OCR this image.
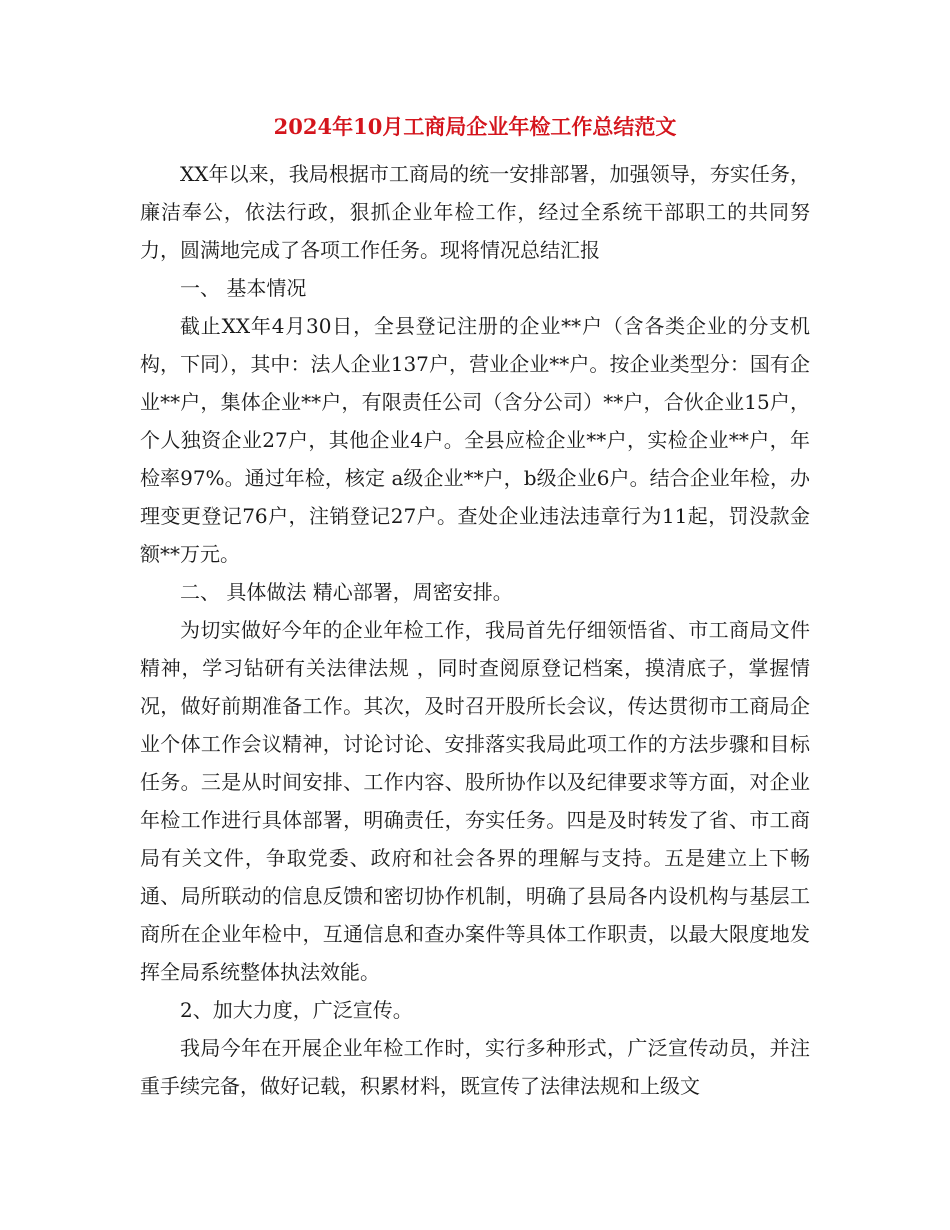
2024年10月工商局企业年检工作总结范文

XX年以来，我局根据市工商局的统一安排部署，加强领导，夯实任务，廉洁奉公，依法行政，狠抓企业年检工作，经过全系统干部职工的共同努力，圆满地完成了各项工作任务。现将情况总结汇报

一、 基本情况

截止XX年4月30日，全县登记注册的企业**户（含各类企业的分支机构，下同），其中：法人企业137户，营业企业**户。按企业类型分：国有企业**户，集体企业**户，有限责任公司（含分公司）**户，合伙企业15户，个人独资企业27户，其他企业4户。全县应检企业**户，实检企业**户，年检率97%。通过年检，核定 a级企业**户，b级企业6户。结合企业年检，办理变更登记76户，注销登记27户。查处企业违法违章行为11起，罚没款金额**万元。

二、 具体做法 精心部署，周密安排。

为切实做好今年的企业年检工作，我局首先仔细领悟省、市工商局文件精神，学习钻研有关法律法规 ，同时查阅原登记档案，摸清底子，掌握情况，做好前期准备工作。其次，及时召开股所长会议，传达贯彻市工商局企业个体工作会议精神，讨论讨论、安排落实我局此项工作的方法步骤和目标任务。三是从时间安排、工作内容、股所协作以及纪律要求等方面，对企业年检工作进行具体部署，明确责任，夯实任务。四是及时转发了省、市工商局有关文件，争取党委、政府和社会各界的理解与支持。五是建立上下畅通、局所联动的信息反馈和密切协作机制，明确了县局各内设机构与基层工商所在企业年检中，互通信息和查办案件等具体工作职责，以最大限度地发挥全局系统整体执法效能。

2、加大力度，广泛宣传。

我局今年在开展企业年检工作时，实行多种形式，广泛宣传动员，并注重手续完备，做好记载，积累材料，既宣传了法律法规和上级文
